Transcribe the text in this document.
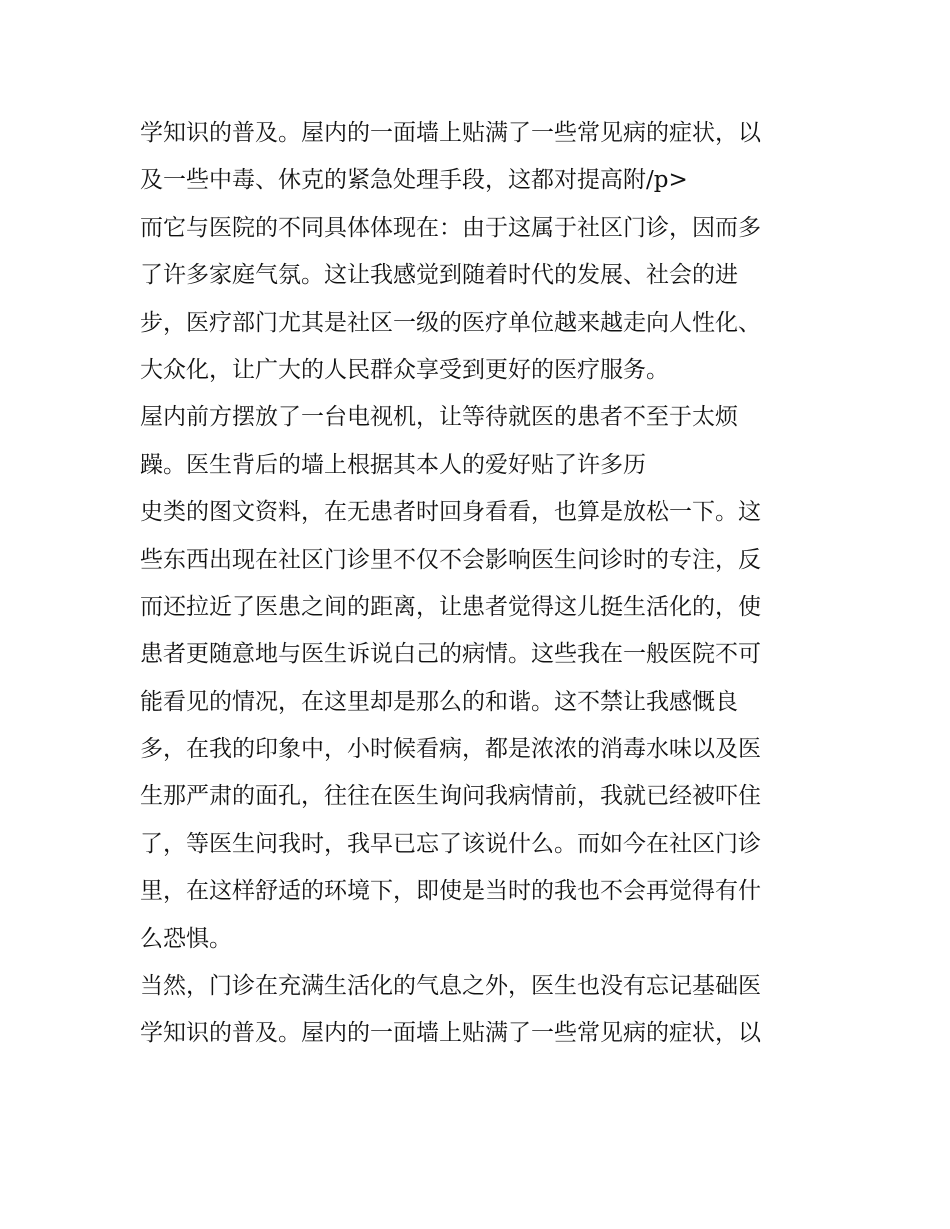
学知识的普及。屋内的一面墙上贴满了一些常见病的症状，以
及一些中毒、休克的紧急处理手段，这都对提高附/p>
而它与医院的不同具体体现在：由于这属于社区门诊，因而多
了许多家庭气氛。这让我感觉到随着时代的发展、社会的进
步，医疗部门尤其是社区一级的医疗单位越来越走向人性化、
大众化，让广大的人民群众享受到更好的医疗服务。
屋内前方摆放了一台电视机，让等待就医的患者不至于太烦
躁。医生背后的墙上根据其本人的爱好贴了许多历
史类的图文资料，在无患者时回身看看，也算是放松一下。这
些东西出现在社区门诊里不仅不会影响医生问诊时的专注，反
而还拉近了医患之间的距离，让患者觉得这儿挺生活化的，使
患者更随意地与医生诉说白己的病情。这些我在一般医院不可
能看见的情况，在这里却是那么的和谐。这不禁让我感慨良
多，在我的印象中，小时候看病，都是浓浓的消毒水味以及医
生那严肃的面孔，往往在医生询问我病情前，我就已经被吓住
了，等医生问我时，我早已忘了该说什么。而如今在社区门诊
里，在这样舒适的环境下，即使是当时的我也不会再觉得有什
么恐惧。
当然，门诊在充满生活化的气息之外，医生也没有忘记基础医
学知识的普及。屋内的一面墙上贴满了一些常见病的症状，以
